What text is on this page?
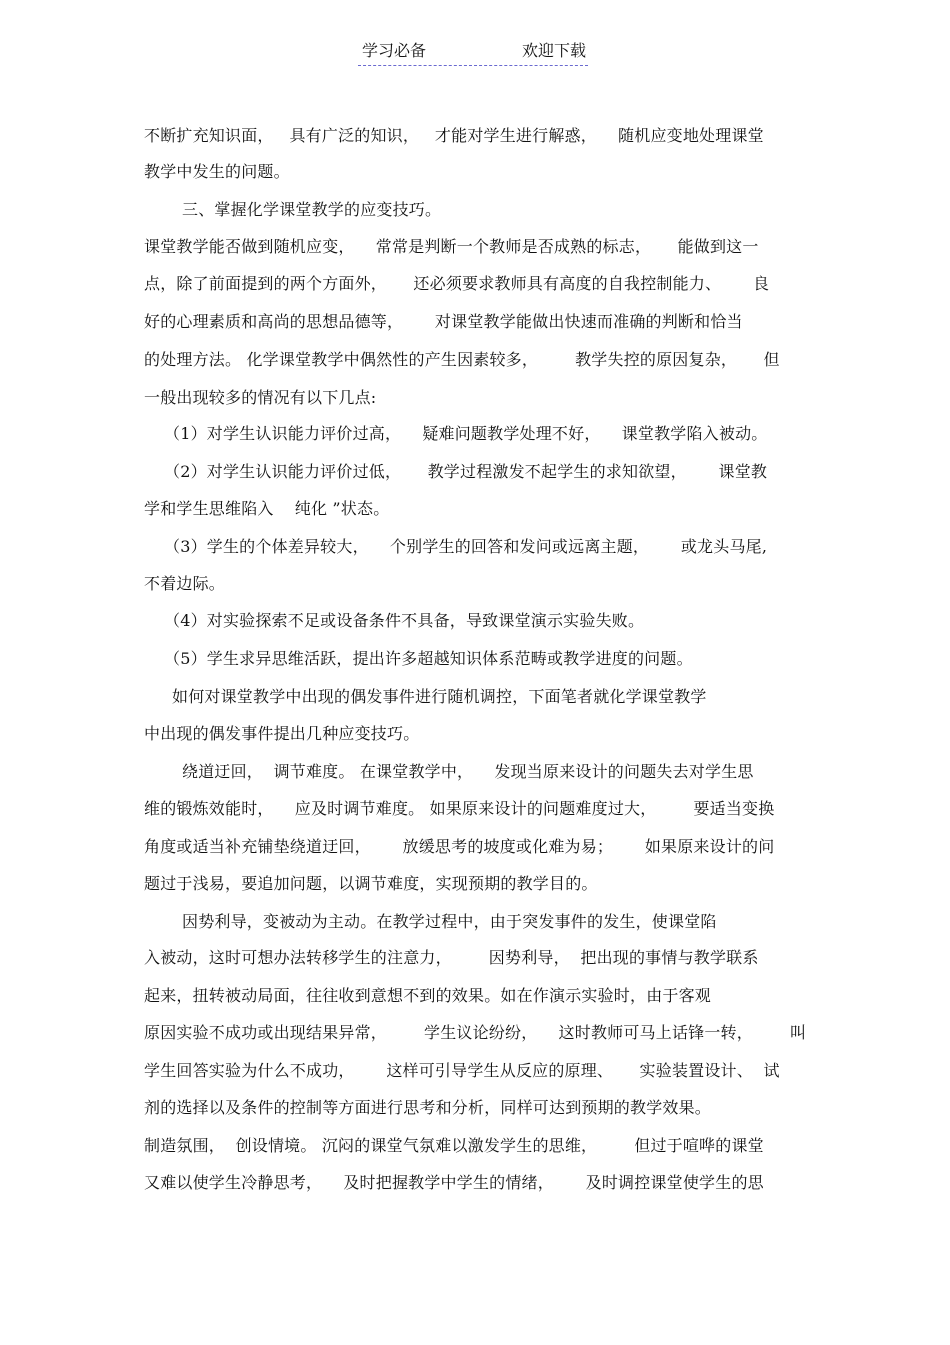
学习必备	欢迎下载
不断扩充知识面，   具有广泛的知识，   才能对学生进行解惑，    随机应变地处理课堂
教学中发生的问题。
三、掌握化学课堂教学的应变技巧。
课堂教学能否做到随机应变，    常常是判断一个教师是否成熟的标志，     能做到这一
点，除了前面提到的两个方面外，     还必须要求教师具有高度的自我控制能力、      良
好的心理素质和高尚的思想品德等，      对课堂教学能做出快速而准确的判断和恰当
的处理方法。 化学课堂教学中偶然性的产生因素较多，       教学失控的原因复杂，     但
一般出现较多的情况有以下几点:
（1）对学生认识能力评价过高，    疑难问题教学处理不好，    课堂教学陷入被动。
（2）对学生认识能力评价过低，     教学过程激发不起学生的求知欲望，      课堂教
学和学生思维陷入    纯化 ”状态。
（3）学生的个体差异较大，    个别学生的回答和发问或远离主题，      或龙头马尾,
不着边际。
（4）对实验探索不足或设备条件不具备，导致课堂演示实验失败。
（5）学生求异思维活跃，提出许多超越知识体系范畴或教学进度的问题。
如何对课堂教学中出现的偶发事件进行随机调控，下面笔者就化学课堂教学
中出现的偶发事件提出几种应变技巧。
绕道迂回，  调节难度。 在课堂教学中，    发现当原来设计的问题失去对学生思
维的锻炼效能时，    应及时调节难度。 如果原来设计的问题难度过大，       要适当变换
角度或适当补充铺垫绕道迂回，      放缓思考的坡度或化难为易；      如果原来设计的问
题过于浅易，要追加问题，以调节难度，实现预期的教学目的。
因势利导，变被动为主动。在教学过程中，由于突发事件的发生，使课堂陷
入被动，这时可想办法转移学生的注意力，       因势利导，  把出现的事情与教学联系
起来，扭转被动局面，往往收到意想不到的效果。如在作演示实验时，由于客观
原因实验不成功或出现结果异常，       学生议论纷纷，    这时教师可马上话锋一转，       叫
学生回答实验为什么不成功，      这样可引导学生从反应的原理、     实验装置设计、  试
剂的选择以及条件的控制等方面进行思考和分析，同样可达到预期的教学效果。
制造氛围，  创设情境。 沉闷的课堂气氛难以激发学生的思维，       但过于喧哗的课堂
又难以使学生冷静思考，    及时把握教学中学生的情绪，      及时调控课堂使学生的思
